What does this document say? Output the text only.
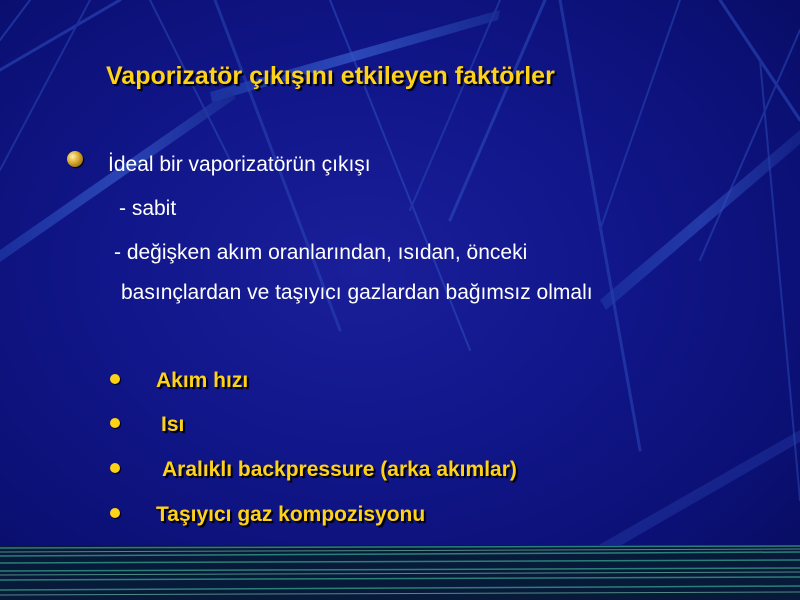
Vaporizatör çıkışını etkileyen faktörler
İdeal bir vaporizatörün çıkışı
- sabit
- değişken akım oranlarından, ısıdan, önceki
basınçlardan ve taşıyıcı gazlardan bağımsız olmalı
Akım hızı
Isı
Aralıklı backpressure (arka akımlar)
Taşıyıcı gaz kompozisyonu
